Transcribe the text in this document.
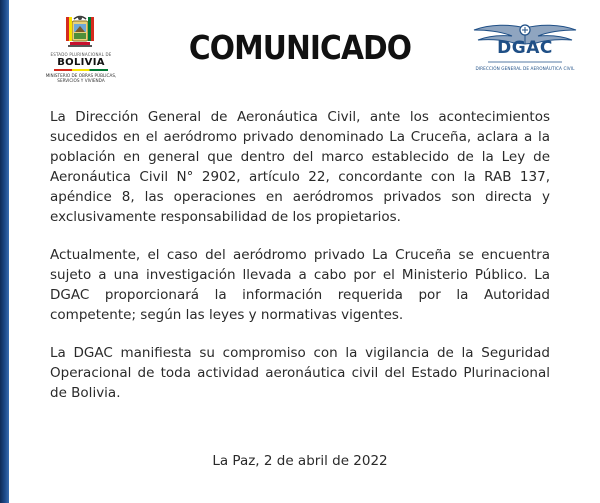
ESTADO PLURINACIONAL DE
BOLIVIA
MINISTERIO DE OBRAS PÚBLICAS, SERVICIOS Y VIVIENDA
COMUNICADO	DGAC
DIRECCIÓN GENERAL DE AERONÁUTICA CIVIL

La Dirección General de Aeronáutica Civil, ante los acontecimientos sucedidos en el aeródromo privado denominado La Cruceña, aclara a la población en general que dentro del marco establecido de la Ley de Aeronáutica Civil N° 2902, artículo 22, concordante con la RAB 137, apéndice 8, las operaciones en aeródromos privados son directa y exclusivamente responsabilidad de los propietarios.

Actualmente, el caso del aeródromo privado La Cruceña se encuentra sujeto a una investigación llevada a cabo por el Ministerio Público. La DGAC proporcionará la información requerida por la Autoridad competente; según las leyes y normativas vigentes.

La DGAC manifiesta su compromiso con la vigilancia de la Seguridad Operacional de toda actividad aeronáutica civil del Estado Plurinacional de Bolivia.

La Paz, 2 de abril de 2022
